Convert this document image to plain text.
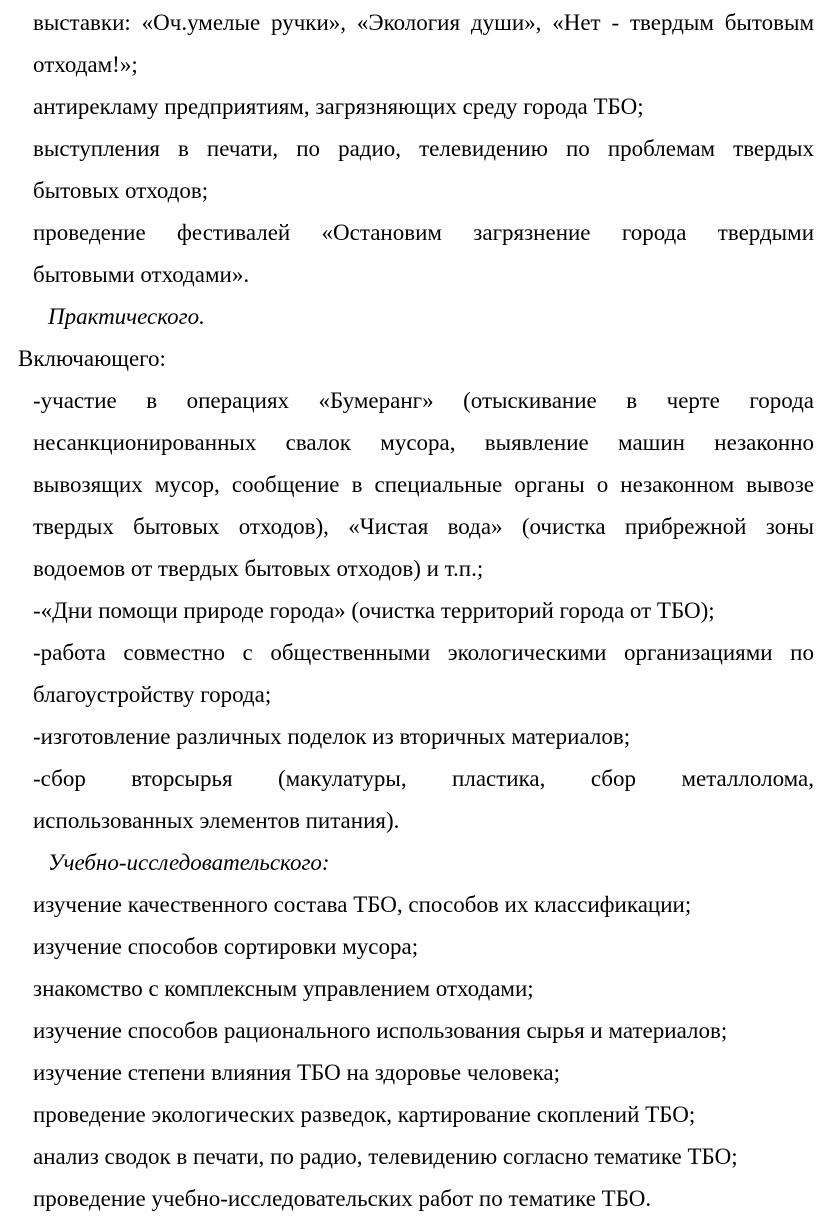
выставки: «Оч.умелые ручки», «Экология души», «Нет - твердым бытовым
отходам!»;
антирекламу предприятиям, загрязняющих среду города ТБО;
выступления в печати, по радио, телевидению по проблемам твердых
бытовых отходов;
проведение фестивалей «Остановим загрязнение города твердыми
бытовыми отходами».
Практического.
Включающего:
-участие в операциях «Бумеранг» (отыскивание в черте города
несанкционированных свалок мусора, выявление машин незаконно
вывозящих мусор, сообщение в специальные органы о незаконном вывозе
твердых бытовых отходов), «Чистая вода» (очистка прибрежной зоны
водоемов от твердых бытовых отходов) и т.п.;
-«Дни помощи природе города» (очистка территорий города от ТБО);
-работа совместно с общественными экологическими организациями по
благоустройству города;
-изготовление различных поделок из вторичных материалов;
-сбор вторсырья (макулатуры, пластика, сбор металлолома,
использованных элементов питания).
Учебно-исследовательского:
изучение качественного состава ТБО, способов их классификации;
изучение способов сортировки мусора;
знакомство с комплексным управлением отходами;
изучение способов рационального использования сырья и материалов;
изучение степени влияния ТБО на здоровье человека;
проведение экологических разведок, картирование скоплений ТБО;
анализ сводок в печати, по радио, телевидению согласно тематике ТБО;
проведение учебно-исследовательских работ по тематике ТБО.
